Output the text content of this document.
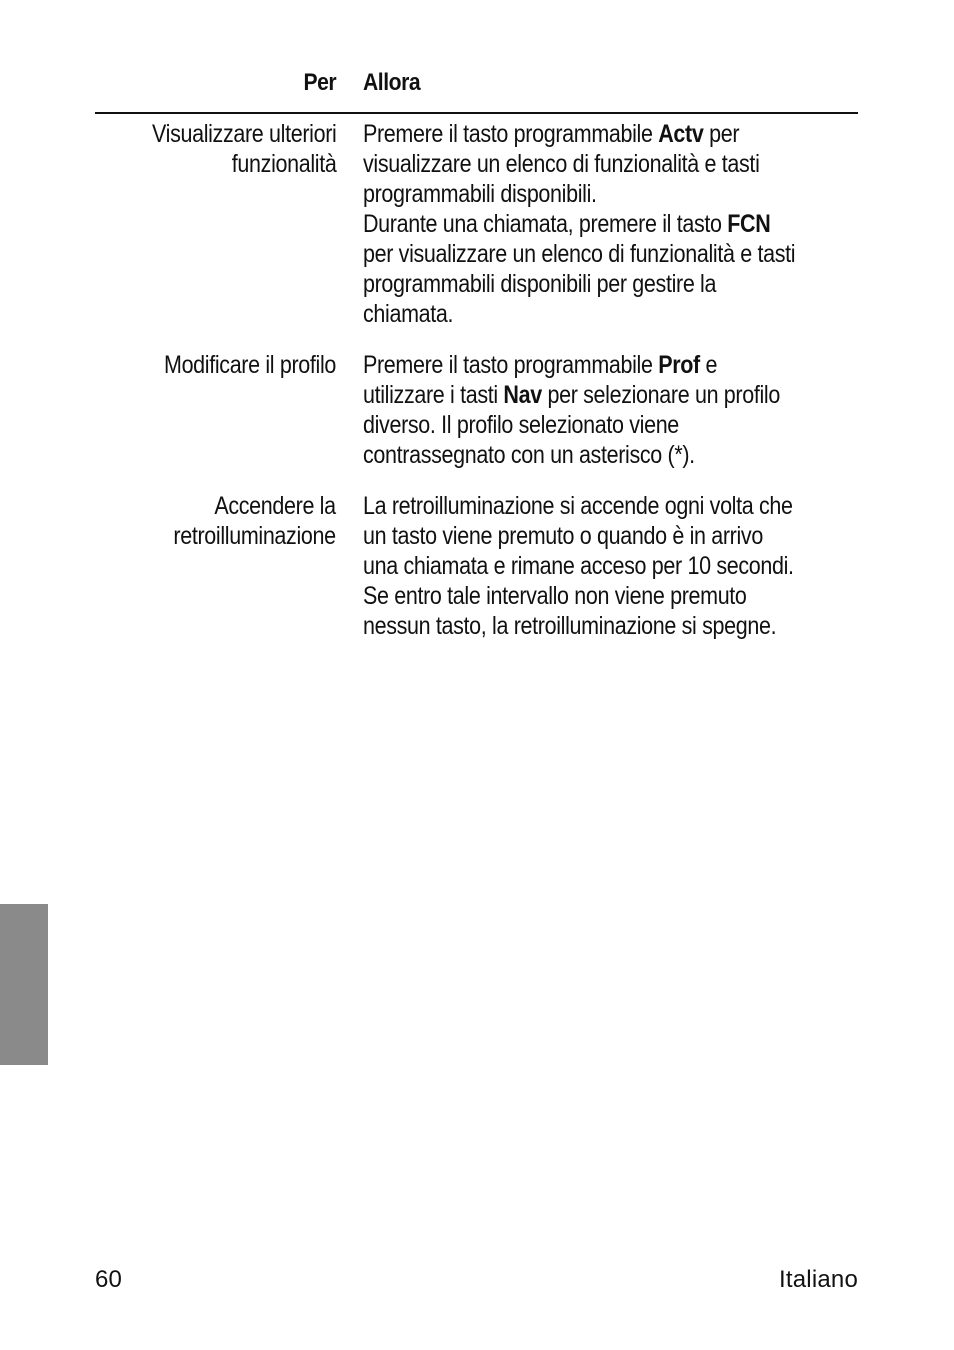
Per Allora
Visualizzare ulteriori
funzionalità
Premere il tasto programmabile Actv per
visualizzare un elenco di funzionalità e tasti
programmabili disponibili.
Durante una chiamata, premere il tasto FCN
per visualizzare un elenco di funzionalità e tasti
programmabili disponibili per gestire la
chiamata.
Modificare il profilo Premere il tasto programmabile Prof e
utilizzare i tasti Nav per selezionare un profilo
diverso. Il profilo selezionato viene
contrassegnato con un asterisco (*).
Accendere la
retroilluminazione
La retroilluminazione si accende ogni volta che
un tasto viene premuto o quando è in arrivo
una chiamata e rimane acceso per 10 secondi.
Se entro tale intervallo non viene premuto
nessun tasto, la retroilluminazione si spegne.
60	Italiano
